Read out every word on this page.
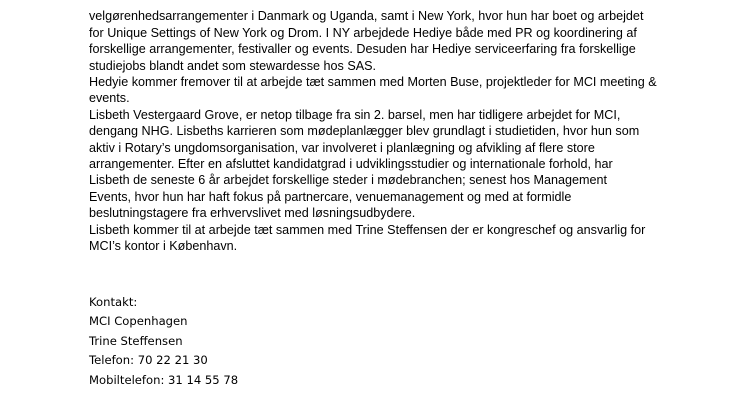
velgørenhedsarrangementer i Danmark og Uganda, samt i New York, hvor hun har boet og arbejdet
for Unique Settings of New York og Drom. I NY arbejdede Hediye både med PR og koordinering af
forskellige arrangementer, festivaller og events. Desuden har Hediye serviceerfaring fra forskellige
studiejobs blandt andet som stewardesse hos SAS.
Hedyie kommer fremover til at arbejde tæt sammen med Morten Buse, projektleder for MCI meeting &
events.
Lisbeth Vestergaard Grove, er netop tilbage fra sin 2. barsel, men har tidligere arbejdet for MCI,
dengang NHG. Lisbeths karrieren som mødeplanlægger blev grundlagt i studietiden, hvor hun som
aktiv i Rotary’s ungdomsorganisation, var involveret i planlægning og afvikling af flere store
arrangementer. Efter en afsluttet kandidatgrad i udviklingsstudier og internationale forhold, har
Lisbeth de seneste 6 år arbejdet forskellige steder i mødebranchen; senest hos Management
Events, hvor hun har haft fokus på partnercare, venuemanagement og med at formidle
beslutningstagere fra erhvervslivet med løsningsudbydere.
Lisbeth kommer til at arbejde tæt sammen med Trine Steffensen der er kongreschef og ansvarlig for
MCI’s kontor i København.
Kontakt:
MCI Copenhagen
Trine Steffensen
Telefon: 70 22 21 30
Mobiltelefon: 31 14 55 78
